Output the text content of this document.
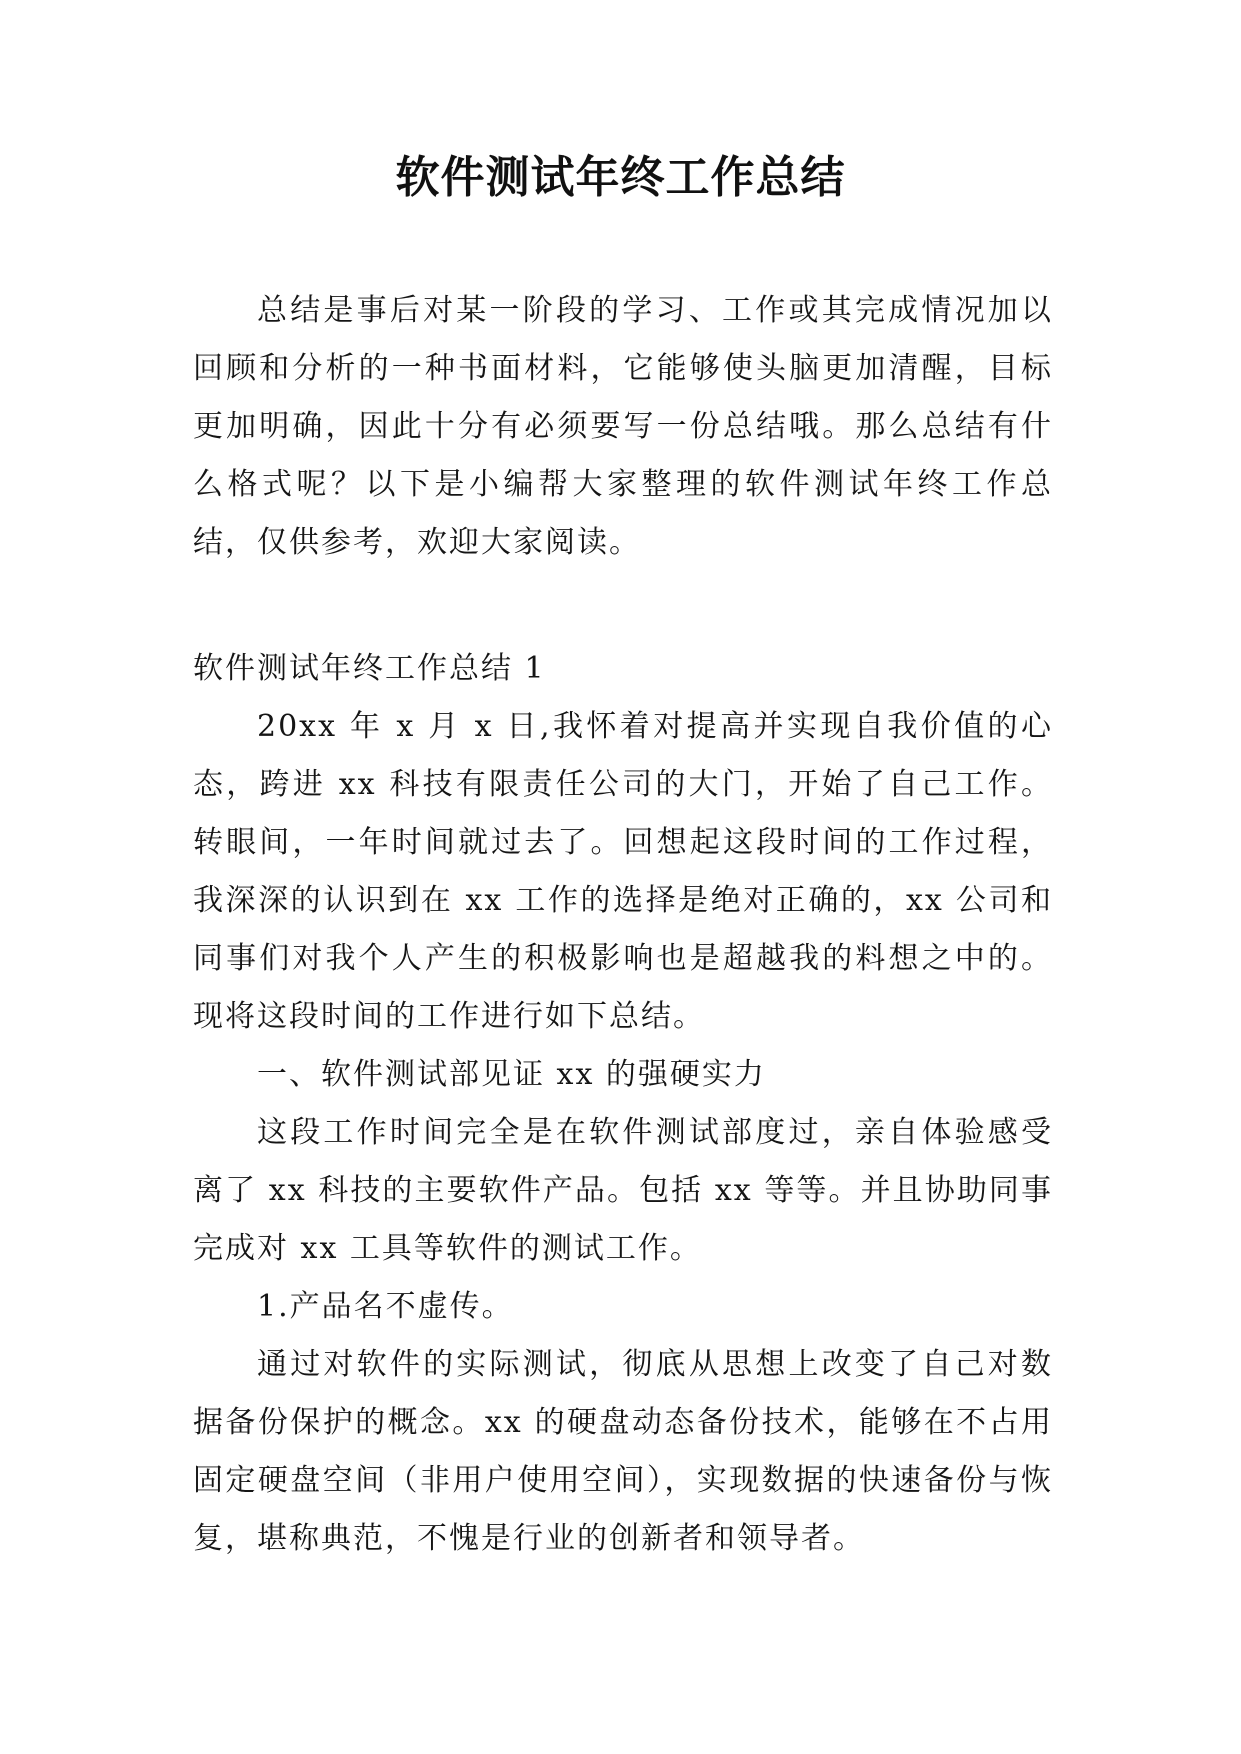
软件测试年终工作总结

总结是事后对某一阶段的学习、工作或其完成情况加以回顾和分析的一种书面材料，它能够使头脑更加清醒，目标更加明确，因此十分有必须要写一份总结哦。那么总结有什么格式呢？以下是小编帮大家整理的软件测试年终工作总结，仅供参考，欢迎大家阅读。

软件测试年终工作总结 1

20xx 年 x 月 x 日,我怀着对提高并实现自我价值的心态，跨进 xx 科技有限责任公司的大门，开始了自己工作。转眼间，一年时间就过去了。回想起这段时间的工作过程，我深深的认识到在 xx 工作的选择是绝对正确的，xx 公司和同事们对我个人产生的积极影响也是超越我的料想之中的。现将这段时间的工作进行如下总结。

一、软件测试部见证 xx 的强硬实力

这段工作时间完全是在软件测试部度过，亲自体验感受离了 xx 科技的主要软件产品。包括 xx 等等。并且协助同事完成对 xx 工具等软件的测试工作。

1.产品名不虚传。

通过对软件的实际测试，彻底从思想上改变了自己对数据备份保护的概念。xx 的硬盘动态备份技术，能够在不占用固定硬盘空间（非用户使用空间），实现数据的快速备份与恢复，堪称典范，不愧是行业的创新者和领导者。
